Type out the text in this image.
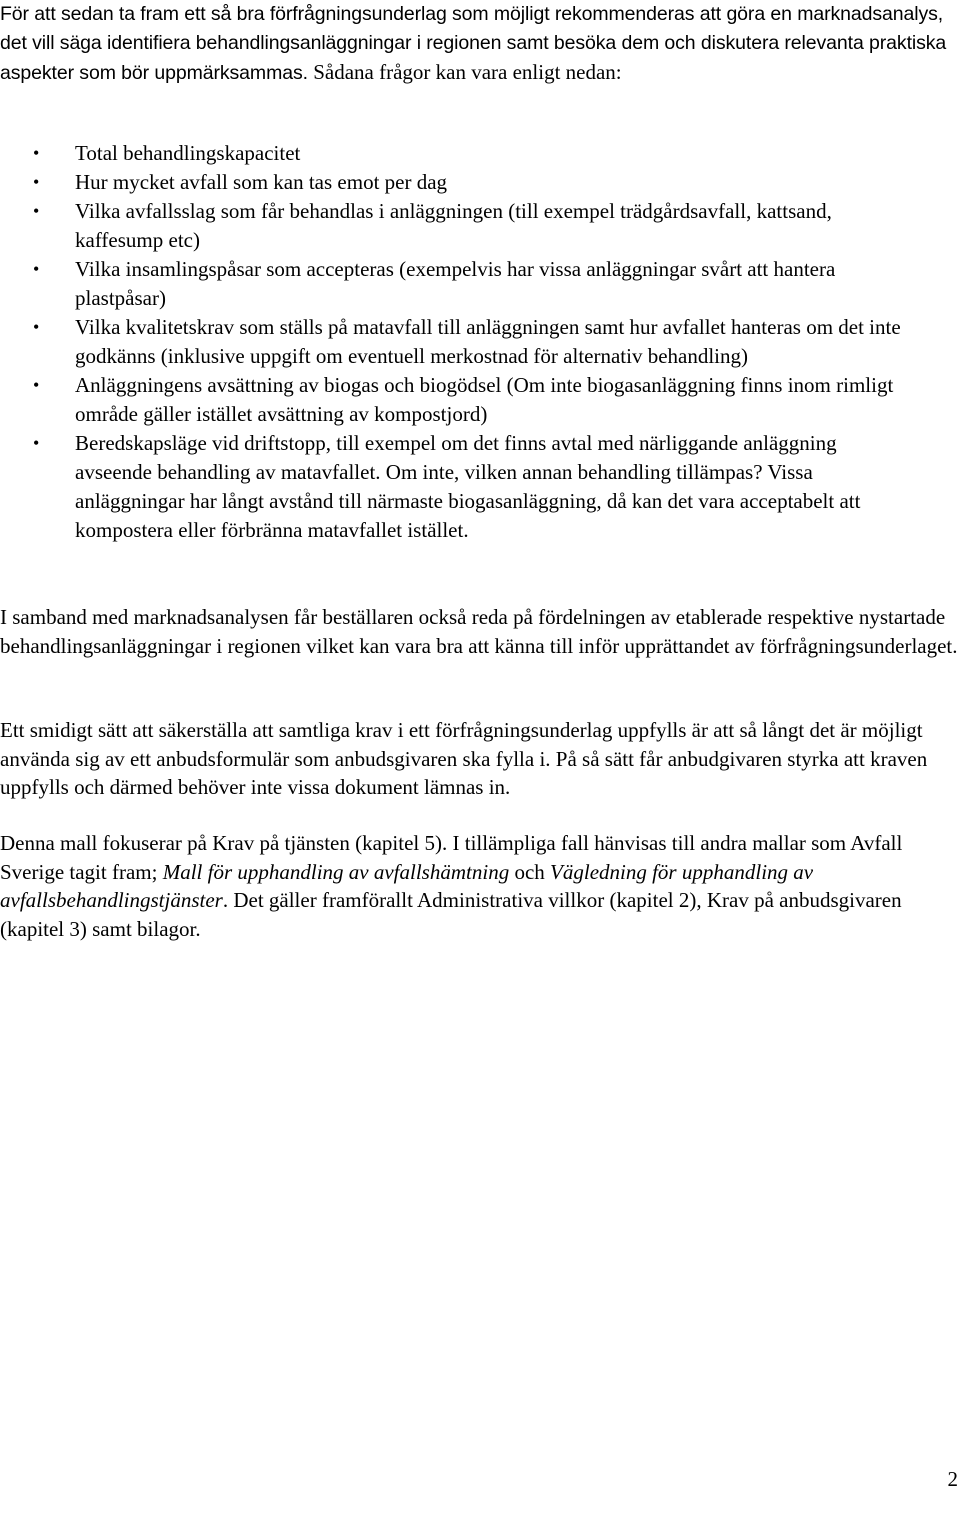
För att sedan ta fram ett så bra förfrågningsunderlag som möjligt rekommenderas att göra en marknadsanalys, det vill säga identifiera behandlingsanläggningar i regionen samt besöka dem och diskutera relevanta praktiska aspekter som bör uppmärksammas. Sådana frågor kan vara enligt nedan:

• Total behandlingskapacitet
• Hur mycket avfall som kan tas emot per dag
• Vilka avfallsslag som får behandlas i anläggningen (till exempel trädgårdsavfall, kattsand, kaffesump etc)
• Vilka insamlingspåsar som accepteras (exempelvis har vissa anläggningar svårt att hantera plastpåsar)
• Vilka kvalitetskrav som ställs på matavfall till anläggningen samt hur avfallet hanteras om det inte godkänns (inklusive uppgift om eventuell merkostnad för alternativ behandling)
• Anläggningens avsättning av biogas och biogödsel (Om inte biogasanläggning finns inom rimligt område gäller istället avsättning av kompostjord)
• Beredskapsläge vid driftstopp, till exempel om det finns avtal med närliggande anläggning avseende behandling av matavfallet. Om inte, vilken annan behandling tillämpas? Vissa anläggningar har långt avstånd till närmaste biogasanläggning, då kan det vara acceptabelt att kompostera eller förbränna matavfallet istället.

I samband med marknadsanalysen får beställaren också reda på fördelningen av etablerade respektive nystartade behandlingsanläggningar i regionen vilket kan vara bra att känna till inför upprättandet av förfrågningsunderlaget.

Ett smidigt sätt att säkerställa att samtliga krav i ett förfrågningsunderlag uppfylls är att så långt det är möjligt använda sig av ett anbudsformulär som anbudsgivaren ska fylla i. På så sätt får anbudgivaren styrka att kraven uppfylls och därmed behöver inte vissa dokument lämnas in.

Denna mall fokuserar på Krav på tjänsten (kapitel 5). I tillämpliga fall hänvisas till andra mallar som Avfall Sverige tagit fram; Mall för upphandling av avfallshämtning och Vägledning för upphandling av avfallsbehandlingstjänster. Det gäller framförallt Administrativa villkor (kapitel 2), Krav på anbudsgivaren (kapitel 3) samt bilagor.

2
